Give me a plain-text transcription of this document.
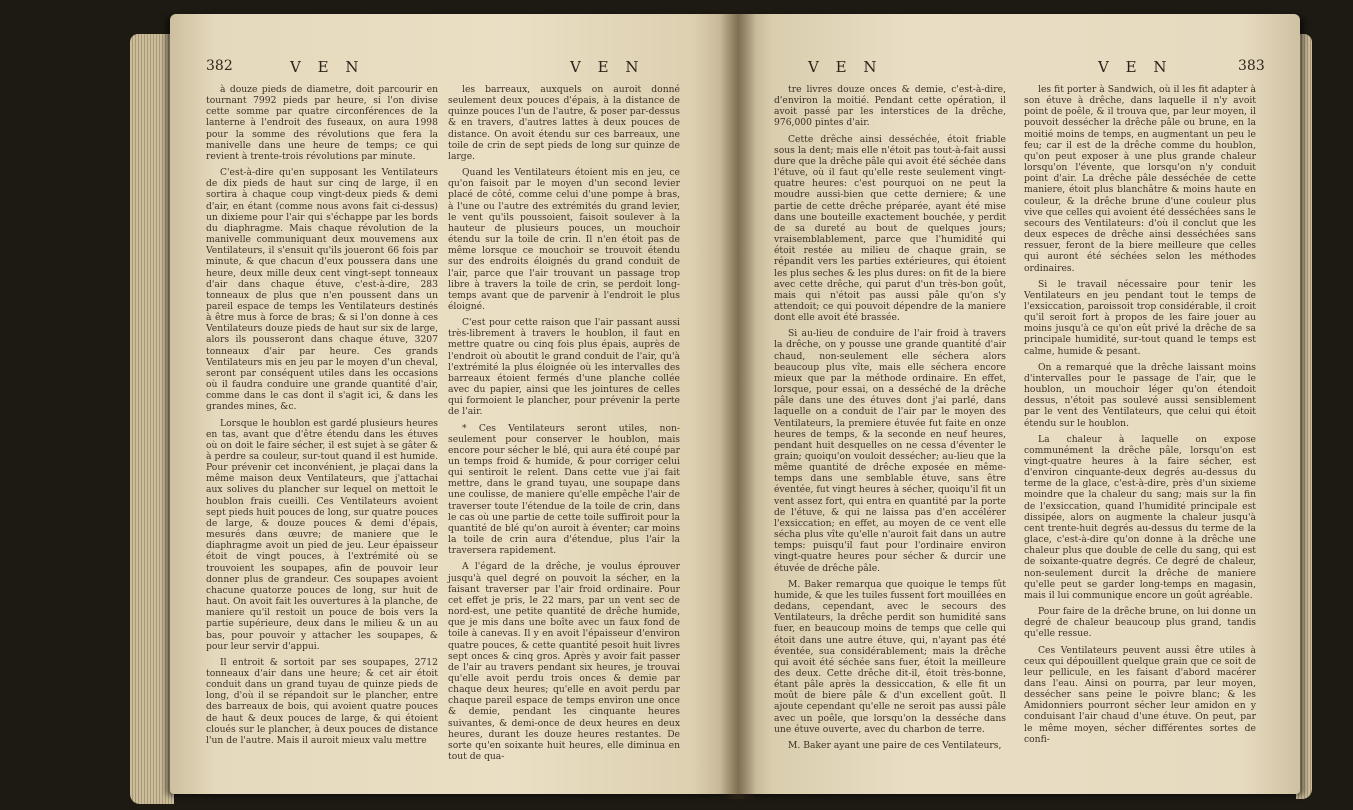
382	V E N	V E N

à douze pieds de diametre, doit parcourir en tournant 7992 pieds par heure, si l'on divise cette somme par quatre circonférences de la lanterne à l'endroit des fuseaux, on aura 1998 pour la somme des révolutions que fera la manivelle dans une heure de temps; ce qui revient à trente-trois révolutions par minute.

C'est-à-dire qu'en supposant les Ventilateurs de dix pieds de haut sur cinq de large, il en sortira à chaque coup vingt-deux pieds & demi d'air, en étant (comme nous avons fait ci-dessus) un dixieme pour l'air qui s'échappe par les bords du diaphragme. Mais chaque révolution de la manivelle communiquant deux mouvemens aux Ventilateurs, il s'ensuit qu'ils joueront 66 fois par minute, & que chacun d'eux poussera dans une heure, deux mille deux cent vingt-sept tonneaux d'air dans chaque étuve, c'est-à-dire, 283 tonneaux de plus que n'en poussent dans un pareil espace de temps les Ventilateurs destinés à être mus à force de bras; & si l'on donne à ces Ventilateurs douze pieds de haut sur six de large, alors ils pousseront dans chaque étuve, 3207 tonneaux d'air par heure. Ces grands Ventilateurs mis en jeu par le moyen d'un cheval, seront par conséquent utiles dans les occasions où il faudra conduire une grande quantité d'air, comme dans le cas dont il s'agit ici, & dans les grandes mines, &c.

Lorsque le houblon est gardé plusieurs heures en tas, avant que d'être étendu dans les étuves où on doit le faire sécher, il est sujet à se gâter & à perdre sa couleur, sur-tout quand il est humide. Pour prévenir cet inconvénient, je plaçai dans la même maison deux Ventilateurs, que j'attachai aux solives du plancher sur lequel on mettoit le houblon frais cueilli. Ces Ventilateurs avoient sept pieds huit pouces de long, sur quatre pouces de large, & douze pouces & demi d'épais, mesurés dans œuvre; de maniere que le diaphragme avoit un pied de jeu. Leur épaisseur étoit de vingt pouces, à l'extrémité où se trouvoient les soupapes, afin de pouvoir leur donner plus de grandeur. Ces soupapes avoient chacune quatorze pouces de long, sur huit de haut. On avoit fait les ouvertures à la planche, de maniere qu'il restoit un pouce de bois vers la partie supérieure, deux dans le milieu & un au bas, pour pouvoir y attacher les soupapes, & pour leur servir d'appui.

Il entroit & sortoit par ses soupapes, 2712 tonneaux d'air dans une heure; & cet air étoit conduit dans un grand tuyau de quinze pieds de long, d'où il se répandoit sur le plancher, entre des barreaux de bois, qui avoient quatre pouces de haut & deux pouces de large, & qui étoient cloués sur le plancher, à deux pouces de distance l'un de l'autre. Mais il auroit mieux valu mettre

les barreaux, auxquels on auroit donné seulement deux pouces d'épais, à la distance de quinze pouces l'un de l'autre, & poser par-dessus & en travers, d'autres lattes à deux pouces de distance. On avoit étendu sur ces barreaux, une toile de crin de sept pieds de long sur quinze de large.

Quand les Ventilateurs étoient mis en jeu, ce qu'on faisoit par le moyen d'un second levier placé de côté, comme celui d'une pompe à bras, à l'une ou l'autre des extrémités du grand levier, le vent qu'ils poussoient, faisoit soulever à la hauteur de plusieurs pouces, un mouchoir étendu sur la toile de crin. Il n'en étoit pas de même lorsque ce mouchoir se trouvoit étendu sur des endroits éloignés du grand conduit de l'air, parce que l'air trouvant un passage trop libre à travers la toile de crin, se perdoit long-temps avant que de parvenir à l'endroit le plus éloigné.

C'est pour cette raison que l'air passant aussi très-librement à travers le houblon, il faut en mettre quatre ou cinq fois plus épais, auprès de l'endroit où aboutit le grand conduit de l'air, qu'à l'extrémité la plus éloignée où les intervalles des barreaux étoient fermés d'une planche collée avec du papier, ainsi que les jointures de celles qui formoient le plancher, pour prévenir la perte de l'air.

* Ces Ventilateurs seront utiles, non-seulement pour conserver le houblon, mais encore pour sécher le blé, qui aura été coupé par un temps froid & humide, & pour corriger celui qui sentiroit le relent. Dans cette vue j'ai fait mettre, dans le grand tuyau, une soupape dans une coulisse, de maniere qu'elle empêche l'air de traverser toute l'étendue de la toile de crin, dans le cas où une partie de cette toile suffiroit pour la quantité de blé qu'on auroit à éventer; car moins la toile de crin aura d'étendue, plus l'air la traversera rapidement.

A l'égard de la drêche, je voulus éprouver jusqu'à quel degré on pouvoit la sécher, en la faisant traverser par l'air froid ordinaire. Pour cet effet je pris, le 22 mars, par un vent sec de nord-est, une petite quantité de drêche humide, que je mis dans une boîte avec un faux fond de toile à canevas. Il y en avoit l'épaisseur d'environ quatre pouces, & cette quantité pesoit huit livres sept onces & cinq gros. Après y avoir fait passer de l'air au travers pendant six heures, je trouvai qu'elle avoit perdu trois onces & demie par chaque deux heures; qu'elle en avoit perdu par chaque pareil espace de temps environ une once & demie, pendant les cinquante heures suivantes, & demi-once de deux heures en deux heures, durant les douze heures restantes. De sorte qu'en soixante huit heures, elle diminua en tout de qua-

V E N	V E N	383

tre livres douze onces & demie, c'est-à-dire, d'environ la moitié. Pendant cette opération, il avoit passé par les interstices de la drêche, 976,000 pintes d'air.

Cette drêche ainsi desséchée, étoit friable sous la dent; mais elle n'étoit pas tout-à-fait aussi dure que la drêche pâle qui avoit été séchée dans l'étuve, où il faut qu'elle reste seulement vingt-quatre heures: c'est pourquoi on ne peut la moudre aussi-bien que cette derniere; & une partie de cette drêche préparée, ayant été mise dans une bouteille exactement bouchée, y perdit de sa dureté au bout de quelques jours; vraisemblablement, parce que l'humidité qui étoit restée au milieu de chaque grain, se répandit vers les parties extérieures, qui étoient les plus seches & les plus dures: on fit de la biere avec cette drêche, qui parut d'un très-bon goût, mais qui n'étoit pas aussi pâle qu'on s'y attendoit; ce qui pouvoit dépendre de la maniere dont elle avoit été brassée.

Si au-lieu de conduire de l'air froid à travers la drêche, on y pousse une grande quantité d'air chaud, non-seulement elle séchera alors beaucoup plus vîte, mais elle séchera encore mieux que par la méthode ordinaire. En effet, lorsque, pour essai, on a desséché de la drêche pâle dans une des étuves dont j'ai parlé, dans laquelle on a conduit de l'air par le moyen des Ventilateurs, la premiere étuvée fut faite en onze heures de temps, & la seconde en neuf heures, pendant huit desquelles on ne cessa d'éventer le grain; quoiqu'on vouloit dessécher; au-lieu que la même quantité de drêche exposée en même-temps dans une semblable étuve, sans être éventée, fut vingt heures à sécher, quoiqu'il fit un vent assez fort, qui entra en quantité par la porte de l'étuve, & qui ne laissa pas d'en accélérer l'exsiccation; en effet, au moyen de ce vent elle sécha plus vîte qu'elle n'auroit fait dans un autre temps: puisqu'il faut pour l'ordinaire environ vingt-quatre heures pour sécher & durcir une étuvée de drêche pâle.

M. Baker remarqua que quoique le temps fût humide, & que les tuiles fussent fort mouillées en dedans, cependant, avec le secours des Ventilateurs, la drêche perdit son humidité sans fuer, en beaucoup moins de temps que celle qui étoit dans une autre étuve, qui, n'ayant pas été éventée, sua considérablement; mais la drêche qui avoit été séchée sans fuer, étoit la meilleure des deux. Cette drêche dit-il, étoit très-bonne, étant pâle après la dessiccation, & elle fit un moût de biere pâle & d'un excellent goût. Il ajoute cependant qu'elle ne seroit pas aussi pâle avec un poêle, que lorsqu'on la desséche dans une étuve ouverte, avec du charbon de terre.

M. Baker ayant une paire de ces Ventilateurs,

les fit porter à Sandwich, où il les fit adapter à son étuve à drêche, dans laquelle il n'y avoit point de poêle, & il trouva que, par leur moyen, il pouvoit dessécher la drêche pâle ou brune, en la moitié moins de temps, en augmentant un peu le feu; car il est de la drêche comme du houblon, qu'on peut exposer à une plus grande chaleur lorsqu'on l'évente, que lorsqu'on n'y conduit point d'air. La drêche pâle desséchée de cette maniere, étoit plus blanchâtre & moins haute en couleur, & la drêche brune d'une couleur plus vive que celles qui avoient été desséchées sans le secours des Ventilateurs: d'où il conclut que les deux especes de drêche ainsi desséchées sans ressuer, feront de la biere meilleure que celles qui auront été séchées selon les méthodes ordinaires.

Si le travail nécessaire pour tenir les Ventilateurs en jeu pendant tout le temps de l'exsiccation, paroissoit trop considérable, il croit qu'il seroit fort à propos de les faire jouer au moins jusqu'à ce qu'on eût privé la drêche de sa principale humidité, sur-tout quand le temps est calme, humide & pesant.

On a remarqué que la drêche laissant moins d'intervalles pour le passage de l'air, que le houblon, un mouchoir léger qu'on étendoit dessus, n'étoit pas soulevé aussi sensiblement par le vent des Ventilateurs, que celui qui étoit étendu sur le houblon.

La chaleur à laquelle on expose communément la drêche pâle, lorsqu'on est vingt-quatre heures à la faire sécher, est d'environ cinquante-deux degrés au-dessus du terme de la glace, c'est-à-dire, près d'un sixieme moindre que la chaleur du sang; mais sur la fin de l'exsiccation, quand l'humidité principale est dissipée, alors on augmente la chaleur jusqu'à cent trente-huit degrés au-dessus du terme de la glace, c'est-à-dire qu'on donne à la drêche une chaleur plus que double de celle du sang, qui est de soixante-quatre degrés. Ce degré de chaleur, non-seulement durcit la drêche de maniere qu'elle peut se garder long-temps en magasin, mais il lui communique encore un goût agréable.

Pour faire de la drêche brune, on lui donne un degré de chaleur beaucoup plus grand, tandis qu'elle ressue.

Ces Ventilateurs peuvent aussi être utiles à ceux qui dépouillent quelque grain que ce soit de leur pellicule, en les faisant d'abord macérer dans l'eau. Ainsi on pourra, par leur moyen, dessécher sans peine le poivre blanc; & les Amidonniers pourront sécher leur amidon en y conduisant l'air chaud d'une étuve. On peut, par le même moyen, sécher différentes sortes de confi-
